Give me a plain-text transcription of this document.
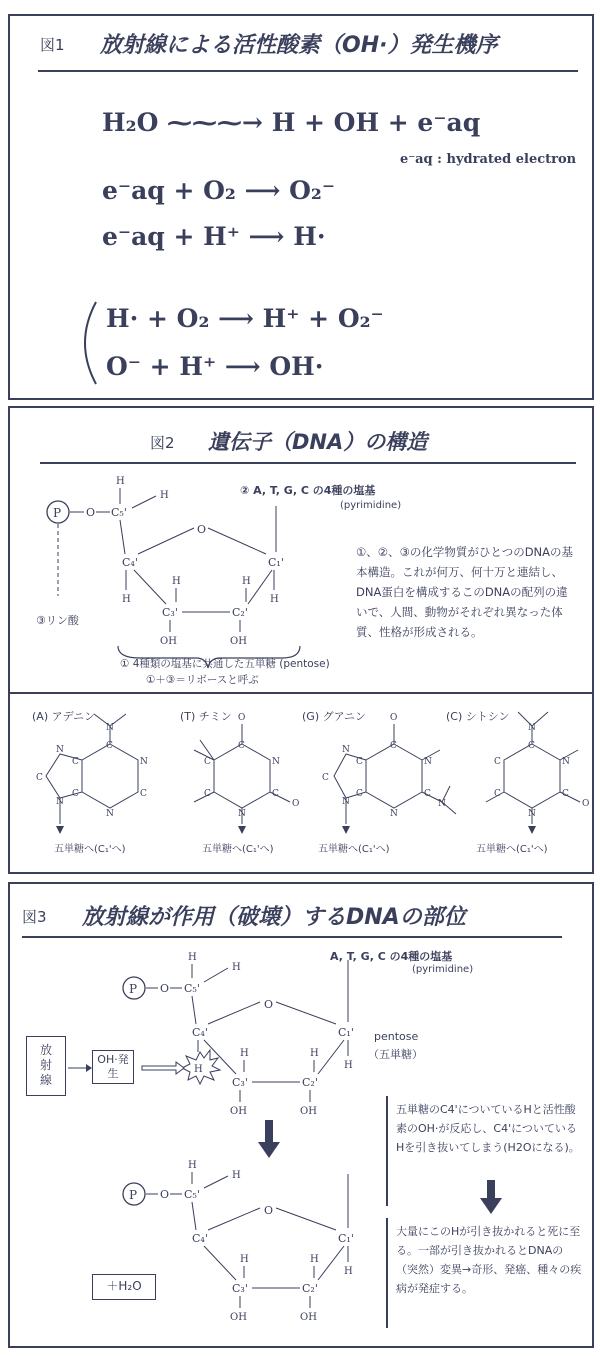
図1 放射線による活性酸素（OH·）発生機序
H₂O ⁓⁓⁓→ H + OH + e⁻aq
e⁻aq : hydrated electron
e⁻aq + O₂ ⟶ O₂⁻
e⁻aq + H⁺ ⟶ H·
H· + O₂ ⟶ H⁺ + O₂⁻
O⁻ + H⁺ ⟶ OH·
図2 遺伝子（DNA）の構造
P O C₅'
H
H
C₄'
O
C₁'
C₃'	C₂'
H	H
H
OH
H
OH
③リン酸
② A, T, G, C の4種の塩基
(pyrimidine)
① 4種類の塩基に共通した五単糖 (pentose)
①＋③＝リボースと呼ぶ
①、②、③の化学物質がひとつのDNAの基本構造。これが何万、何十万と連結し、DNA蛋白を構成するこのDNAの配列の違いで、人間、動物がそれぞれ異なった体質、性格が形成される。
(A) アデニン	(T) チミン	(G) グアニン	(C) シトシン
N
C
N
C
N
C
C
N
C
N
O
C
N
C
O
N
C
C
O
C
N
C
N
N
C
C
N
C
N
N
C
N
C
O
N
C
C
五単糖へ(C₁'へ)	五単糖へ(C₁'へ)	五単糖へ(C₁'へ)	五単糖へ(C₁'へ)
図3 放射線が作用（破壊）するDNAの部位
A, T, G, C の4種の塩基
(pyrimidine)
pentose
（五単糖）
P O C₅'
H
H
C₄'
O
C₁'
C₃'	C₂'
H
H
H
OH
H
OH
放射線
OH·発生
P O C₅'
H
H
C₄'
O
C₁'
C₃'	C₂'
H
H
OH
H
OH
＋H₂O
五単糖のC4'についているHと活性酸素のOH·が反応し、C4'についているHを引き抜いてしまう(H2Oになる)。
大量にこのHが引き抜かれると死に至る。一部が引き抜かれるとDNAの（突然）変異→奇形、発癌、種々の疾病が発症する。
